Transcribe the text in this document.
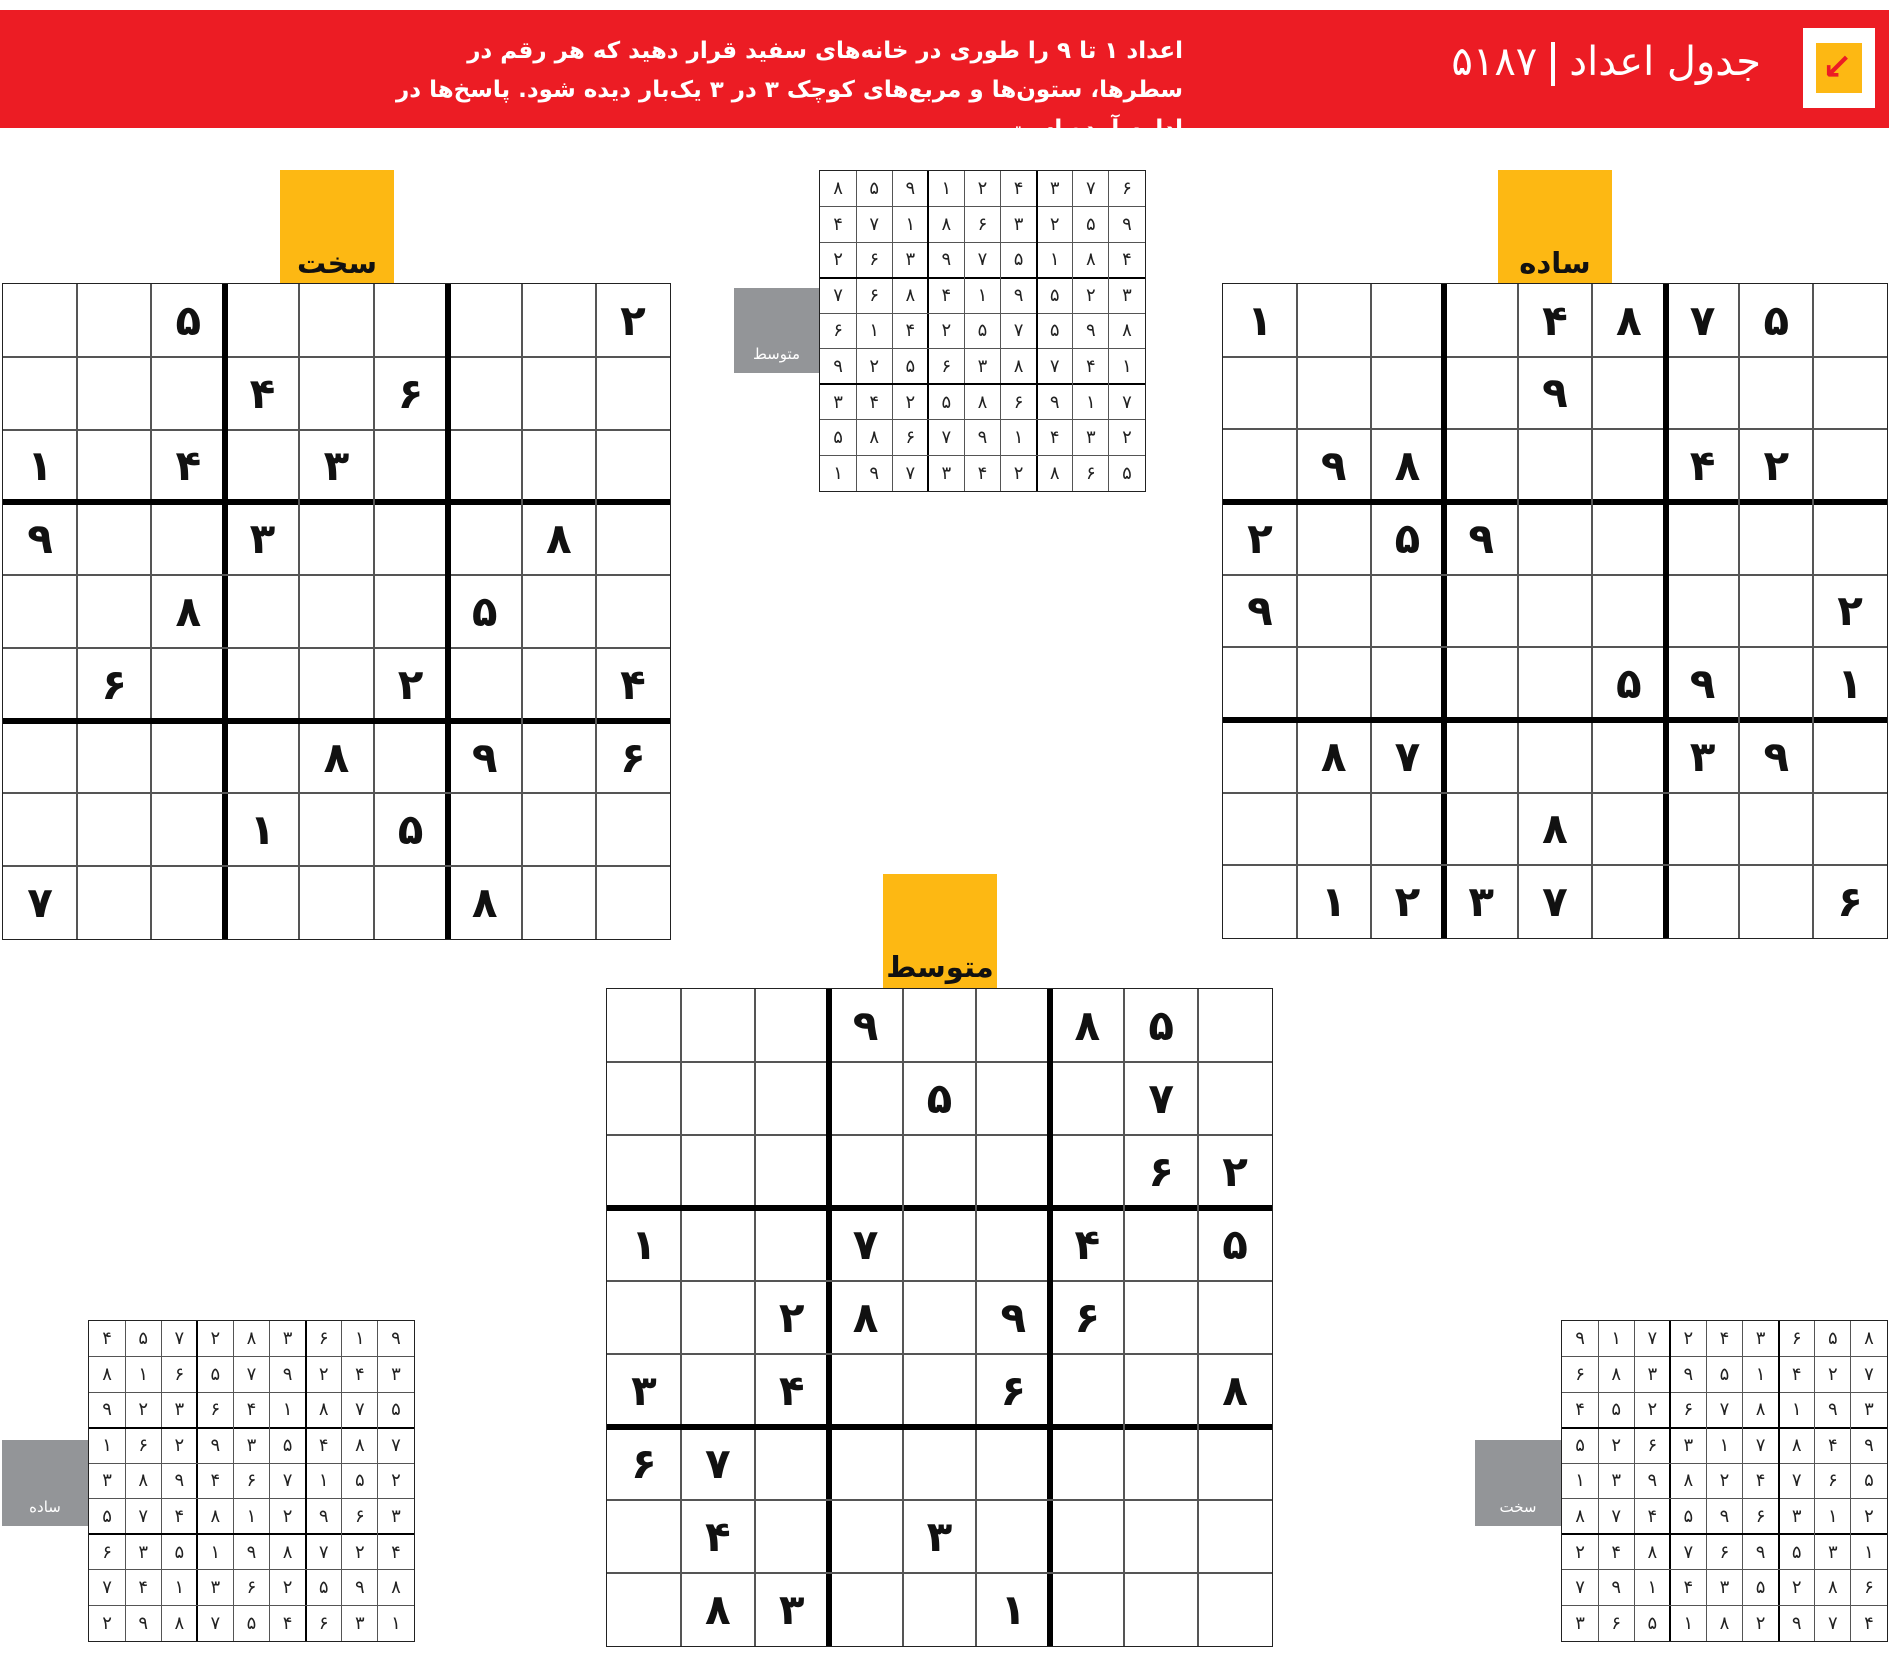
↙
جدول اعداد۵۱۸۷
اعداد ۱ تا ۹ را طوری در خانه‌های سفید قرار دهید که هر رقم در سطرها، ستون‌ها و مربع‌های کوچک ۳ در ۳ یک‌بار دیده شود. پاسخ‌ها در ادامه آمده است.
ساده
۵
۷
۸
۴
۱
۹
۲
۴
۸
۹
۹
۵
۲
۲
۹
۱
۹
۵
۹
۳
۷
۸
۸
۶
۷
۳
۲
۱
سخت
۲
۵
۶
۴
۳
۴
۱
۸
۳
۹
۵
۸
۴
۲
۶
۶
۹
۸
۵
۱
۸
۷
متوسط
۵
۸
۹
۷
۵
۲
۶
۵
۴
۷
۱
۶
۹
۸
۲
۸
۶
۴
۳
۷
۶
۳
۴
۱
۳
۸
متوسط
۶
۷
۳
۴
۲
۱
۹
۵
۸
۹
۵
۲
۳
۶
۸
۱
۷
۴
۴
۸
۱
۵
۷
۹
۳
۶
۲
۳
۲
۵
۹
۱
۴
۸
۶
۷
۸
۹
۵
۷
۵
۲
۴
۱
۶
۱
۴
۷
۸
۳
۶
۵
۲
۹
۷
۱
۹
۶
۸
۵
۲
۴
۳
۲
۳
۴
۱
۹
۷
۶
۸
۵
۵
۶
۸
۲
۴
۳
۷
۹
۱
ساده
۹
۱
۶
۳
۸
۲
۷
۵
۴
۳
۴
۲
۹
۷
۵
۶
۱
۸
۵
۷
۸
۱
۴
۶
۳
۲
۹
۷
۸
۴
۵
۳
۹
۲
۶
۱
۲
۵
۱
۷
۶
۴
۹
۸
۳
۳
۶
۹
۲
۱
۸
۴
۷
۵
۴
۲
۷
۸
۹
۱
۵
۳
۶
۸
۹
۵
۲
۶
۳
۱
۴
۷
۱
۳
۶
۴
۵
۷
۸
۹
۲
سخت
۸
۵
۶
۳
۴
۲
۷
۱
۹
۷
۲
۴
۱
۵
۹
۳
۸
۶
۳
۹
۱
۸
۷
۶
۲
۵
۴
۹
۴
۸
۷
۱
۳
۶
۲
۵
۵
۶
۷
۴
۲
۸
۹
۳
۱
۲
۱
۳
۶
۹
۵
۴
۷
۸
۱
۳
۵
۹
۶
۷
۸
۴
۲
۶
۸
۲
۵
۳
۴
۱
۹
۷
۴
۷
۹
۲
۸
۱
۵
۶
۳
